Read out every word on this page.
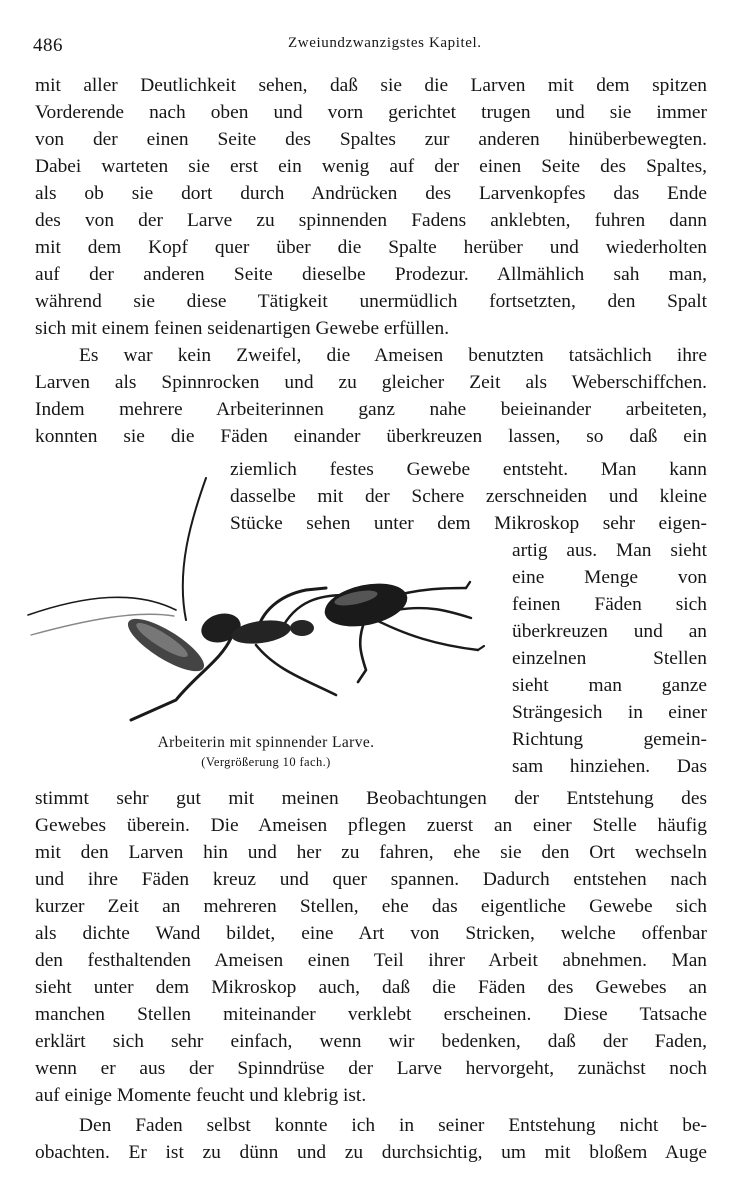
486	Zweiundzwanzigstes Kapitel.
mit aller Deutlichkeit sehen, daß sie die Larven mit dem spitzen
Vorderende nach oben und vorn gerichtet trugen und sie immer
von der einen Seite des Spaltes zur anderen hinüberbewegten.
Dabei warteten sie erst ein wenig auf der einen Seite des Spaltes,
als ob sie dort durch Andrücken des Larvenkopfes das Ende
des von der Larve zu spinnenden Fadens anklebten, fuhren dann
mit dem Kopf quer über die Spalte herüber und wiederholten
auf der anderen Seite dieselbe Prodezur. Allmählich sah man,
während sie diese Tätigkeit unermüdlich fortsetzten, den Spalt
sich mit einem feinen seidenartigen Gewebe erfüllen.
Es war kein Zweifel, die Ameisen benutzten tatsächlich ihre
Larven als Spinnrocken und zu gleicher Zeit als Weberschiffchen.
Indem mehrere Arbeiterinnen ganz nahe beieinander arbeiteten,
konnten sie die Fäden einander überkreuzen lassen, so daß ein
ziemlich festes Gewebe entsteht. Man kann
dasselbe mit der Schere zerschneiden und kleine
Stücke sehen unter dem Mikroskop sehr eigen-
artig aus. Man sieht
eine Menge von
feinen Fäden sich
überkreuzen und an
einzelnen Stellen
sieht man ganze
Strängesich in einer
Richtung gemein-
sam hinziehen. Das
stimmt sehr gut mit meinen Beobachtungen der Entstehung des
Gewebes überein. Die Ameisen pflegen zuerst an einer Stelle häufig
mit den Larven hin und her zu fahren, ehe sie den Ort wechseln
und ihre Fäden kreuz und quer spannen. Dadurch entstehen nach
kurzer Zeit an mehreren Stellen, ehe das eigentliche Gewebe sich
als dichte Wand bildet, eine Art von Stricken, welche offenbar
den festhaltenden Ameisen einen Teil ihrer Arbeit abnehmen. Man
sieht unter dem Mikroskop auch, daß die Fäden des Gewebes an
manchen Stellen miteinander verklebt erscheinen. Diese Tatsache
erklärt sich sehr einfach, wenn wir bedenken, daß der Faden,
wenn er aus der Spinndrüse der Larve hervorgeht, zunächst noch
auf einige Momente feucht und klebrig ist.
Den Faden selbst konnte ich in seiner Entstehung nicht be-
obachten. Er ist zu dünn und zu durchsichtig, um mit bloßem Auge
Arbeiterin mit spinnender Larve.
(Vergrößerung 10 fach.)
